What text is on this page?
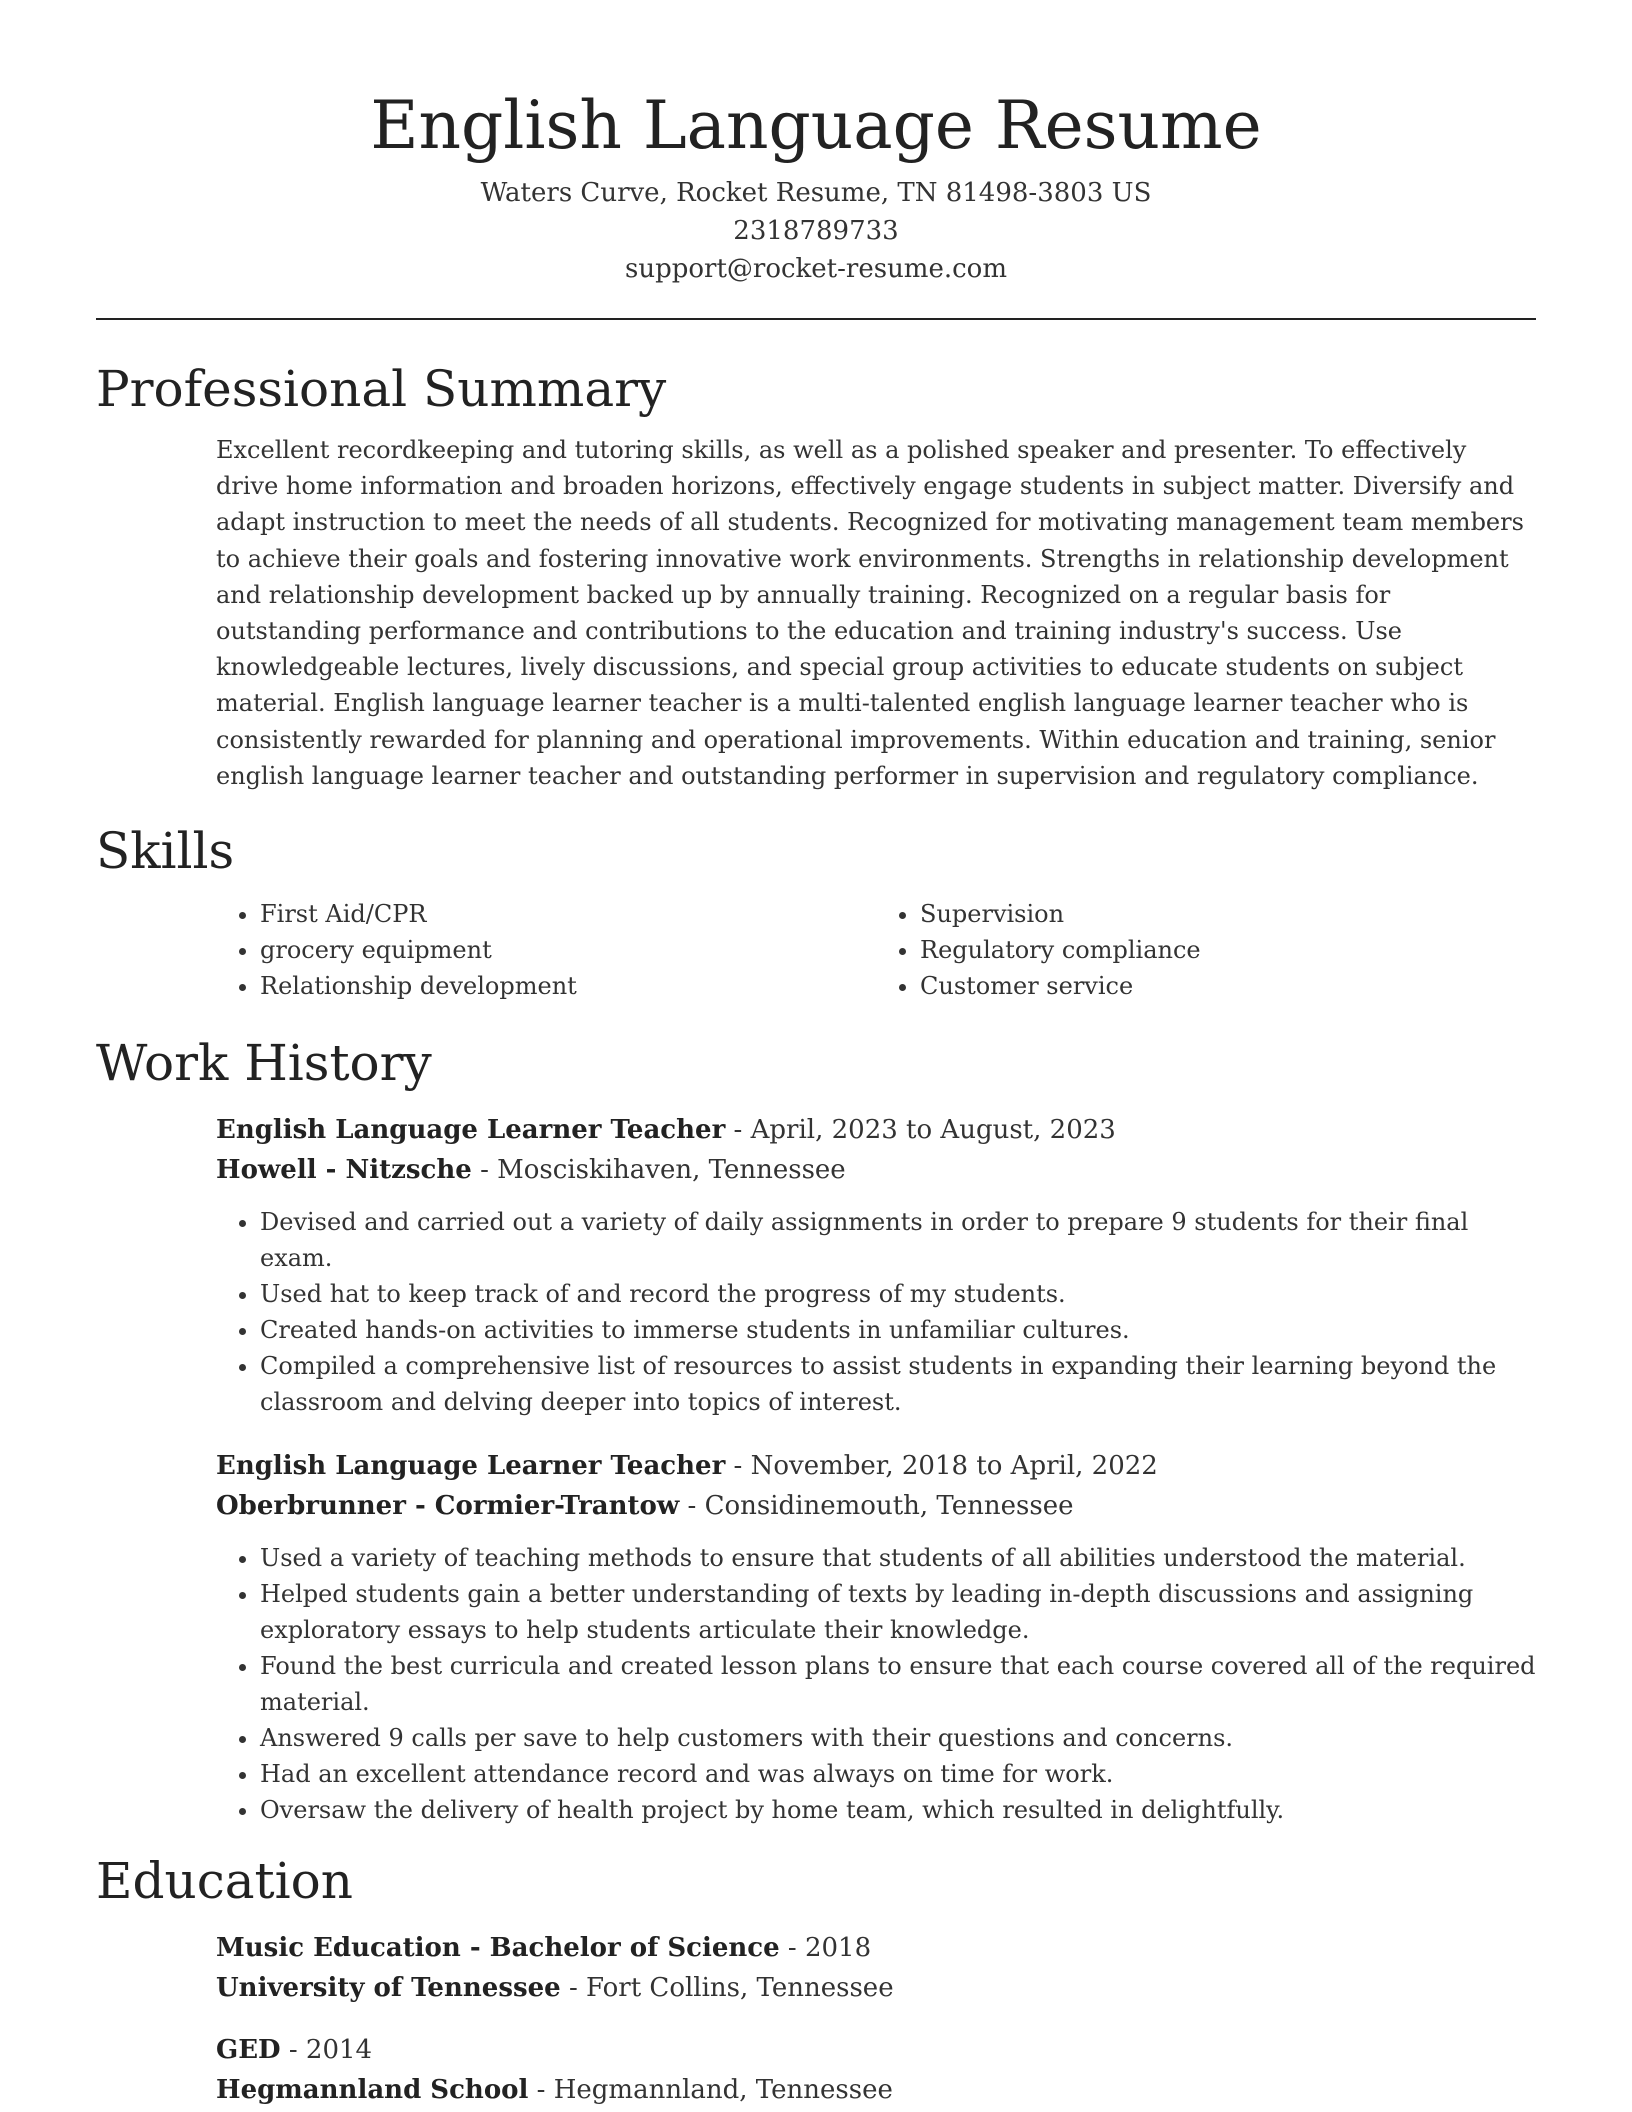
English Language Resume
Waters Curve, Rocket Resume, TN 81498-3803 US
2318789733
support@rocket-resume.com
Professional Summary

Excellent recordkeeping and tutoring skills, as well as a polished speaker and presenter. To effectively drive home information and broaden horizons, effectively engage students in subject matter. Diversify and adapt instruction to meet the needs of all students. Recognized for motivating management team members to achieve their goals and fostering innovative work environments. Strengths in relationship development and relationship development backed up by annually training. Recognized on a regular basis for outstanding performance and contributions to the education and training industry's success. Use knowledgeable lectures, lively discussions, and special group activities to educate students on subject material. English language learner teacher is a multi-talented english language learner teacher who is consistently rewarded for planning and operational improvements. Within education and training, senior english language learner teacher and outstanding performer in supervision and regulatory compliance.

Skills
• First Aid/CPR
• grocery equipment
• Relationship development
• Supervision
• Regulatory compliance
• Customer service
Work History
English Language Learner Teacher - April, 2023 to August, 2023
Howell - Nitzsche - Mosciskihaven, Tennessee
• Devised and carried out a variety of daily assignments in order to prepare 9 students for their final exam.
• Used hat to keep track of and record the progress of my students.
• Created hands-on activities to immerse students in unfamiliar cultures.
• Compiled a comprehensive list of resources to assist students in expanding their learning beyond the classroom and delving deeper into topics of interest.
English Language Learner Teacher - November, 2018 to April, 2022
Oberbrunner - Cormier-Trantow - Considinemouth, Tennessee
• Used a variety of teaching methods to ensure that students of all abilities understood the material.
• Helped students gain a better understanding of texts by leading in-depth discussions and assigning exploratory essays to help students articulate their knowledge.
• Found the best curricula and created lesson plans to ensure that each course covered all of the required material.
• Answered 9 calls per save to help customers with their questions and concerns.
• Had an excellent attendance record and was always on time for work.
• Oversaw the delivery of health project by home team, which resulted in delightfully.
Education
Music Education - Bachelor of Science - 2018
University of Tennessee - Fort Collins, Tennessee
GED - 2014
Hegmannland School - Hegmannland, Tennessee
